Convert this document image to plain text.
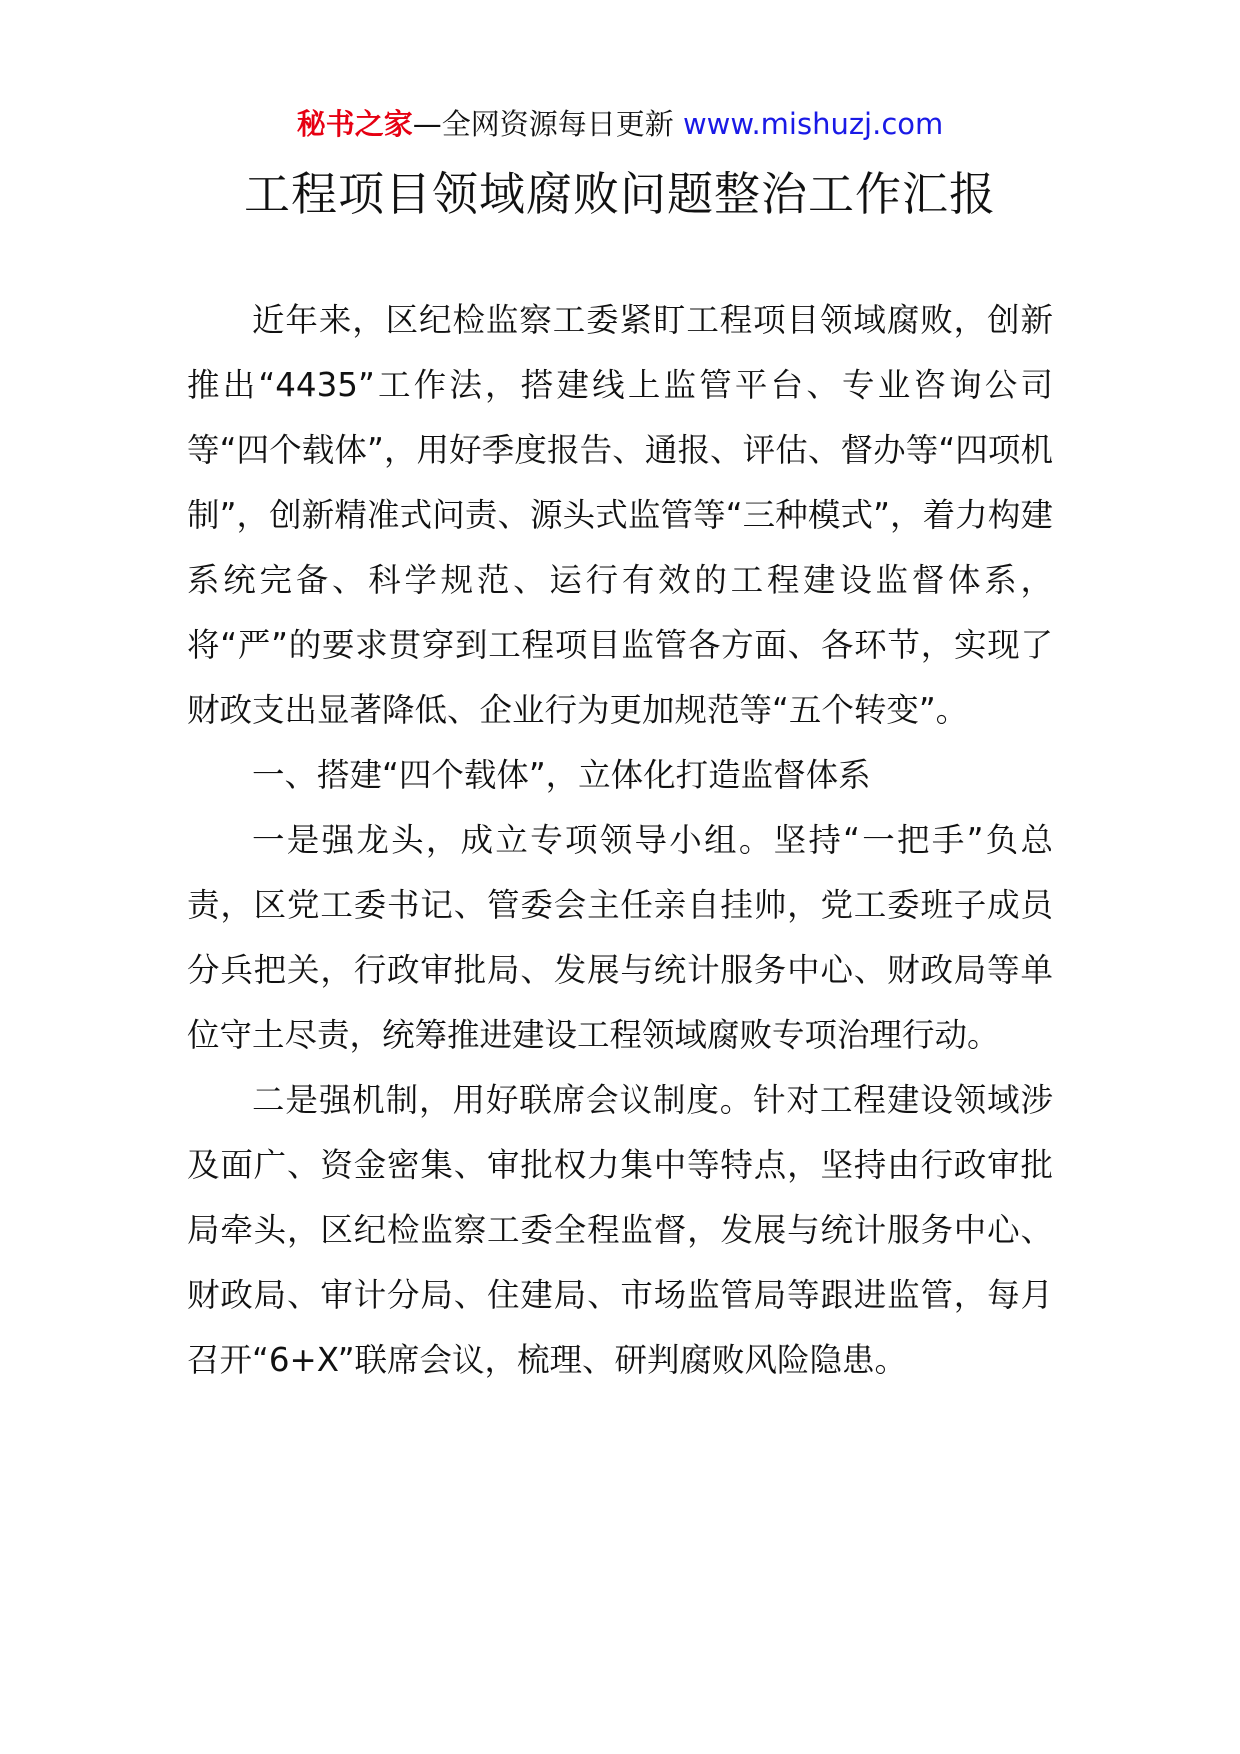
秘书之家—全网资源每日更新 www.mishuzj.com
工程项目领域腐败问题整治工作汇报

近年来，区纪检监察工委紧盯工程项目领域腐败，创新推出“4435”工作法，搭建线上监管平台、专业咨询公司等“四个载体”，用好季度报告、通报、评估、督办等“四项机制”，创新精准式问责、源头式监管等“三种模式”，着力构建系统完备、科学规范、运行有效的工程建设监督体系，将“严”的要求贯穿到工程项目监管各方面、各环节，实现了财政支出显著降低、企业行为更加规范等“五个转变”。

一、搭建“四个载体”，立体化打造监督体系

一是强龙头，成立专项领导小组。坚持“一把手”负总责，区党工委书记、管委会主任亲自挂帅，党工委班子成员分兵把关，行政审批局、发展与统计服务中心、财政局等单位守土尽责，统筹推进建设工程领域腐败专项治理行动。

二是强机制，用好联席会议制度。针对工程建设领域涉及面广、资金密集、审批权力集中等特点，坚持由行政审批局牵头，区纪检监察工委全程监督，发展与统计服务中心、财政局、审计分局、住建局、市场监管局等跟进监管，每月召开“6+X”联席会议，梳理、研判腐败风险隐患。
